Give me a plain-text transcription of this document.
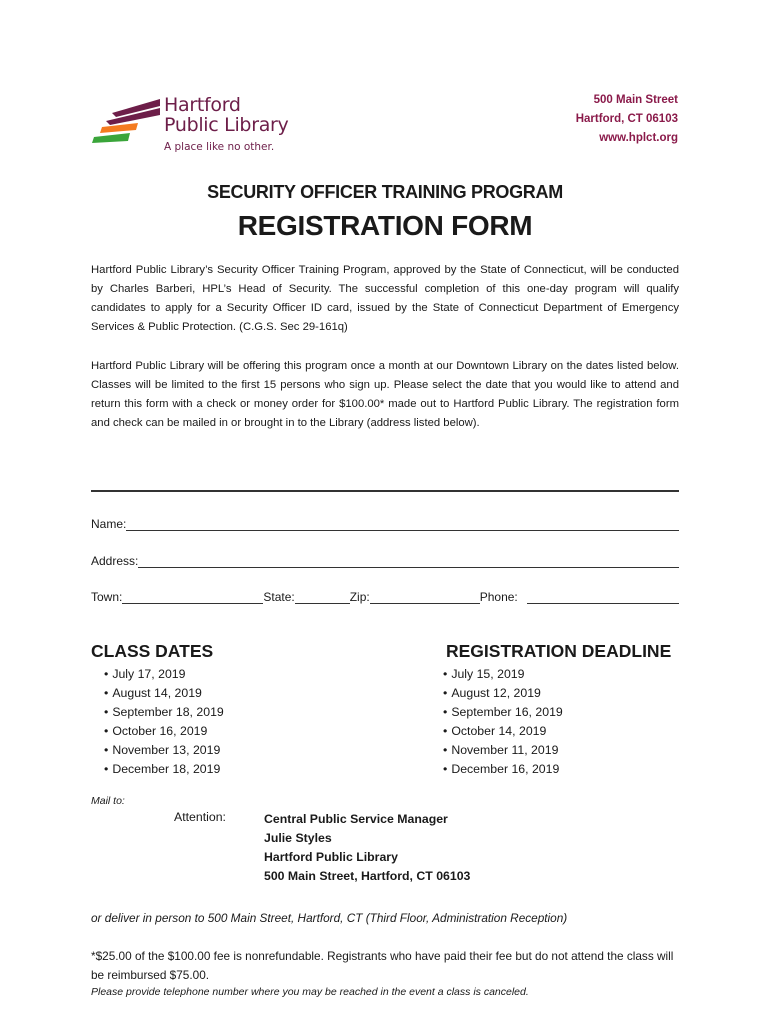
Hartford
Public Library
A place like no other.
500 Main Street
Hartford, CT 06103
www.hplct.org
SECURITY OFFICER TRAINING PROGRAM
REGISTRATION FORM
Hartford Public Library’s Security Officer Training Program, approved by the State of Connecticut, will be conducted by Charles Barberi, HPL’s Head of Security. The successful completion of this one-day program will qualify candidates to apply for a Security Officer ID card, issued by the State of Connecticut Department of Emergency Services & Public Protection. (C.G.S. Sec 29-161q)
Hartford Public Library will be offering this program once a month at our Downtown Library on the dates listed below. Classes will be limited to the first 15 persons who sign up. Please select the date that you would like to attend and return this form with a check or money order for $100.00* made out to Hartford Public Library. The registration form and check can be mailed in or brought in to the Library (address listed below).
Name:
Address:
Town:	State:	Zip:	Phone:
CLASS DATES
• July 17, 2019
• August 14, 2019
• September 18, 2019
• October 16, 2019
• November 13, 2019
• December 18, 2019
REGISTRATION DEADLINE
• July 15, 2019
• August 12, 2019
• September 16, 2019
• October 14, 2019
• November 11, 2019
• December 16, 2019
Mail to:
Attention:	Central Public Service Manager
Julie Styles
Hartford Public Library
500 Main Street, Hartford, CT 06103
or deliver in person to 500 Main Street, Hartford, CT (Third Floor, Administration Reception)
*$25.00 of the $100.00 fee is nonrefundable. Registrants who have paid their fee but do not attend the class will be reimbursed $75.00.
Please provide telephone number where you may be reached in the event a class is canceled.
